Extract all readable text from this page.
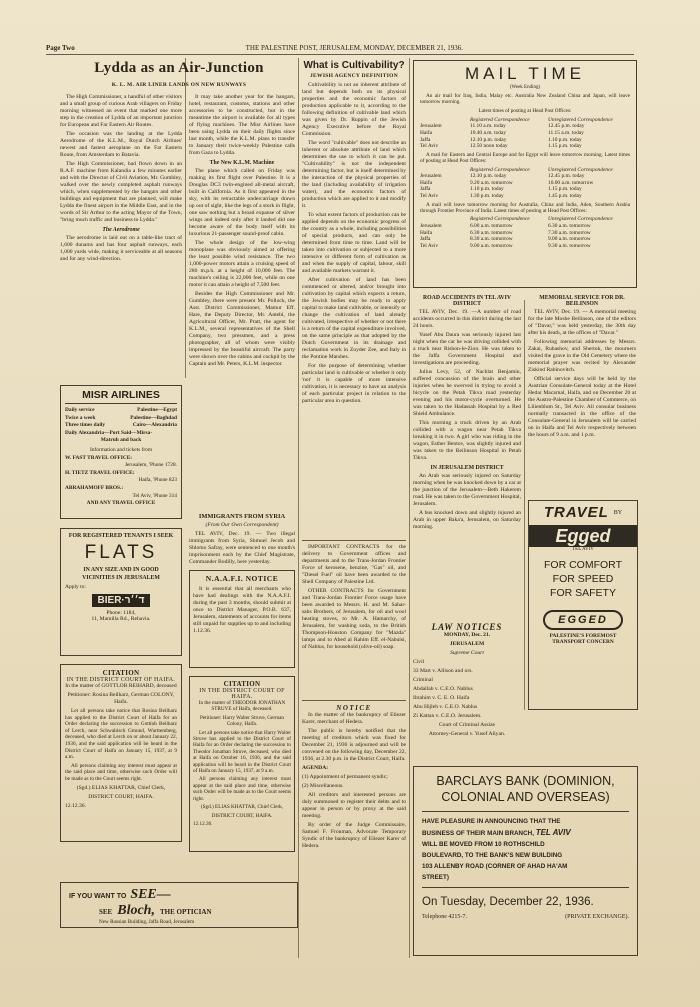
Page Two	THE PALESTINE POST, JERUSALEM, MONDAY, DECEMBER 21, 1936.
Lydda as an Air-Junction
K. L. M. AIR LINER LANDS ON NEW RUNWAYS

The High Commissioner, a handful of other visitors and a small group of curious Arab villagers on Friday morning witnessed an event that marked one more step in the creation of Lydda of an important junction for European and Far Eastern Air Routes.

The occasion was the landing at the Lydda Aerodrome of the K.L.M., Royal Dutch Airlines' newest and fastest aeroplane on the Far Eastern Route, from Amsterdam to Batavia.

The High Commissioner, had flown down in an R.A.F. machine from Kalandia a few minutes earlier and with the Director of Civil Aviation, Mr. Gumbley, walked over the newly completed asphalt runways which, when supplemented by the hangars and other buildings and equipment that are planned, will make Lydda the finest airport in the Middle East, and in the words of Sir Arthur to the acting Mayor of the Town, "bring much traffic and business to Lydda."

The Aerodrome

The aerodrome is laid out on a table-like tract of 1,600 dunams and has four asphalt runways, each 1,000 yards wide, making it serviceable at all seasons and for any wind-direction.

It may take another year for the hangars, hotel, restaurant, customs, stations and other accessories to be constructed, but in the meantime the airport is available for all types of flying machines. The Misr Airlines have been using Lydda on their daily flights since last month, while the K.L.M. plans to transfer to January their twice-weekly Palestine calls from Gaza to Lydda.

The New K.L.M. Machine

The plane which called on Friday was making its first flight over Palestine. It is a Douglas DC3 twin-engined all-metal aircraft, built in California. As it first appeared in the sky, with its retractable undercarriage drawn up out of sight, like the legs of a stork in flight, one saw nothing but a broad expanse of silver wings and indeed only after it landed did one become aware of the body itself with its luxurious 21-passenger sound-proof cabin.

The whole design of the low-wing monoplane was obviously aimed at offering the least possible wind resistance. The two 1,000-power motors attain a cruising speed of 280 m.p.h. at a height of 10,000 feet. The machine's ceiling is 22,000 feet, while on one motor it can attain a height of 7,500 feet.

Besides the High Commissioner and Mr. Gumbley, there were present Mr. Pollock, the Asst. District Commissioner, Mamur Eff. Hare, the Deputy Director, Mr. Antebi, the Agricultural Officer, Mr. Pratt, the agent for K.L.M., several representatives of the Shell Company, two pressmen, and a press photographer, all of whom were visibly impressed by the beautiful aircraft. The party were shown over the cabins and cockpit by the Captain and Mr. Peters, K.L.M. inspector.

MISR AIRLINES
Daily service	Palestine—Egypt
Twice a week	Palestine—Baghdad
Three times daily	Cairo—Alexandria
Daily Alexandria—Port Said—Mirsa-
Matruh and back
Information and tickets from
W. FAST TRAVEL OFFICE:
Jerusalem, 'Phone 1728.
H. TIETZ TRAVEL OFFICE:
Haifa, 'Phone 823
ABRAHAMOFF BROS.:
Tel Aviv, 'Phone 314
AND ANY TRAVEL OFFICE
FOR REGISTERED TENANTS I SEEK
FLATS
IN ANY SIZE AND IN GOOD VICINITIES IN JERUSALEM
Apply to:
BIER·ד׳׳ר
Phone: 1184,
11, Mamilla Rd., Rehavia.
CITATION
IN THE DISTRICT COURT OF HAIFA.
In the matter of GOTTLOB REIHARD, deceased
Petitioner: Rosina Beilharz, German COLONY, Haifa.

Let all persons take notice that Rosina Beilharz has applied to the District Court of Haifa for an Order declaring the succession to Gottlob Beilharz of Lerch, near Schwabisch Gmund, Wurttemberg, deceased, who died at Lerch on or about January 22, 1936, and the said application will be heard in the District Court of Haifa on January 15, 1937, at 9 a.m.

All persons claiming any interest must appear at the said place and time, otherwise such Order will be made as to the Court seems right.

(Sgd.) ELIAS KHATTAR, Chief Clerk,
DISTRICT COURT, HAIFA.
12.12.36.
IF YOU WANT TO SEE—
SEE Bloch, THE OPTICIAN
New Russian Building, Jaffa Road, Jerusalem
IMMIGRANTS FROM SYRIA
(From Our Own Correspondent)

TEL AVIV, Dec. 19. — Two illegal immigrants from Syria, Shmuel Jecob and Shlomo Safray, were sentenced to one month's imprisonment each by the Chief Magistrate, Commander Bodilly, here yesterday.

N.A.A.F.I. NOTICE

It is essential that all merchants who have had dealings with the N.A.A.F.I. during the past 3 months, should submit at once to District Manager, P.O.B. 637, Jerusalem, statements of accounts for items still unpaid for supplies up to and including 1.12.36.

CITATION
IN THE DISTRICT COURT OF HAIFA.
In the matter of THEODOR JONATHAN STRUVE of Haifa, deceased.
Petitioner: Harry Walter Struve, German Colony, Haifa.

Let all persons take notice that Harry Walter Struve has applied to the District Court of Haifa for an Order declaring the succession to Theodor Jonathan Struve, deceased, who died at Haifa on October 16, 1936, and the said application will be heard in the District Court of Haifa on January 15, 1937, at 9 a.m.

All persons claiming any interest must appear at the said place and time, otherwise such Order will be made as to the Court seems right.

(Sgd.) ELIAS KHATTAR, Chief Clerk,
DISTRICT COURT, HAIFA.
12.12.36.
What is Cultivability?
JEWISH AGENCY DEFINITION

Cultivability is not an inherent attribute of land but depends both on its physical properties and the economic factors of production applicable to it, according to the following definition of cultivable land which was given by Dr. Ruppin of the Jewish Agency Executive before the Royal Commission.

The word "cultivable" does not describe an inherent or absolute attribute of land which determines the use to which it can be put. "Cultivability" is not the independent determining factor, but is itself determined by the interaction of the physical properties of the land (including availability of irrigation water), and the economic factors of production which are applied to it and modify it.

To what extent factors of production can be applied depends on the economic progress of the country as a whole, including possibilities of special products, and can only be determined from time to time. Land will be taken into cultivation or subjected to a more intensive or different form of cultivation as and when the supply of capital, labour, skill and available markets warrant it.

After cultivation of land has been commenced or altered, and/or brought into cultivation by capital which expects a return, the Jewish bodies may be ready to apply capital to make land cultivable, or intensify or change the cultivation of land already cultivated, irrespective of whether or not there is a return of the capital expenditure involved, on the same principle as that adopted by the Dutch Government in its drainage and reclamation work in Zuyder Zee, and Italy in the Pontine Marshes.

For the purpose of determining whether particular land is cultivable or whether it only 'not' it is capable of more intensive cultivation, it is necessary to have an analysis of each particular project in relation to the particular area in question.

IMPORTANT CONTRACTS for the delivery to Government offices and departments and to the Trans-Jordan Frontier Force of kerosene, benzine, "Gas" oil, and "Diesel Fuel" oil have been awarded to the Shell Company of Palestine Ltd.

OTHER CONTRACTS for Government and Trans-Jordan Frontier Force usage have been awarded to Messrs. H. and M. Sahar-sahs Brothers, of Jerusalem, for oil and wool heating stoves, to Mr. A. Hamarchy, of Jerusalem, for washing soda, to the British Thompson-Houston Company for "Mazda" lamps and to Abed al Rahim Eff. el-Nabulsi, of Nablus, for household (olive-oil) soap.

NOTICE

In the matter of the bankruptcy of Eliezer Karer, merchant of Hedera.

The public is hereby notified that the meeting of creditors which was fixed for December 21, 1936 is adjourned and will be convened on the following day, December 22, 1936, at 2.30 p.m. in the District Court, Haifa.

AGENDA:
(1) Appointment of permanent syndic;
(2) Miscellaneous.

All creditors and interested persons are duly summoned to register their debts and to appear in person or by proxy at the said meeting.

By order of the Judge Commissaire, Samuel F. Frouman, Advocate Temporary Syndic of the bankruptcy of Eliezer Karer of Hedera.

MAIL TIME
(Week Ending)

An air mail for Iraq, India, Malay etc. Australia New Zealand China and Japan, will leave tomorrow morning.

Latest times of posting at Head Post Offices:
Registered Correspondence	Unregistered Correspondence
Jerusalem	11.10 a.m. today	12.45 p.m. today
Haifa	10.40 a.m. today	11.15 a.m. today
Jaffa	12.10 p.m. today	1.10 p.m. today
Tel Aviv	12.50 noon today	1.15 p.m. today

A mail for Eastern and Central Europe and for Egypt will leave tomorrow morning. Latest times of posting at Head Post Offices:

Registered Correspondence	Unregistered Correspondence
Jerusalem	12.10 p.m. today	12.45 p.m. today
Haifa	9.20 a.m. tomorrow	10.00 a.m. tomorrow
Jaffa	1.10 p.m. today	1.15 p.m. today
Tel Aviv	1.30 p.m. today	1.45 p.m. today

A mail will leave tomorrow morning for Australia, China and India, Aden, Southern Arabia through Frontier Province of India. Latest times of posting at Head Post Offices:

Registered Correspondence	Unregistered Correspondence
Jerusalem	6.00 a.m. tomorrow	6.30 a.m. tomorrow
Haifa	6.30 a.m. tomorrow	7.30 a.m. tomorrow
Jaffa	8.30 a.m. tomorrow	9.00 a.m. tomorrow
Tel Aviv	9.00 a.m. tomorrow	9.30 a.m. tomorrow
ROAD ACCIDENTS IN TEL AVIV DISTRICT

TEL AVIV, Dec. 19. —A number of road accidents occurred in this district during the last 24 hours.

Yusef Abu Daura was seriously injured last night when the car he was driving collided with a truck near Rishon-le-Zion. He was taken to the Jaffa Government Hospital and investigations are proceeding.

Julius Levy, 52, of Nachlat Benjamin, suffered concussion of the brain and other injuries when he swerved in trying to avoid a bicycle on the Petah Tikva road yesterday evening and his motor-cycle overturned. He was taken to the Hadassah Hospital by a Red Shield Ambulance.

This morning a truck driven by an Arab collided with a wagon near Petah Tikva breaking it in two. A girl who was riding in the wagon, Esther Bentov, was slightly injured and was taken to the Beilinson Hospital in Petah Tikva.

IN JERUSALEM DISTRICT

An Arab was seriously injured on Saturday morning when he was knocked down by a car at the junction of the Jerusalem—Beth Hakerem road. He was taken to the Government Hospital, Jerusalem.

A bus knocked down and slightly injured an Arab in upper Baka'a, Jerusalem, on Saturday morning.

MEMORIAL SERVICE FOR DR. BEILINSON

TEL AVIV, Dec. 19. — A memorial meeting for the late Moshe Beilinson, one of the editors of "Davar," was held yesterday, the 30th day after his death, at the offices of "Davar."

Following memorial addresses by Messrs. Zakai, Rubashov, and Shertok, the mourners visited the grave in the Old Cemetery where the memorial prayer was recited by Alexander Ziskind Rabinovitch.

Official service days will be held by the Austrian Consulate-General today at the Hotel Hedar Macarnal, Haifa, and on December 20 at the Austro-Palestine Chamber of Commerce, on Lilienblum St., Tel Aviv. All consular business normally transacted in the office of the Consulate-General in Jerusalem will be carried on in Haifa and Tel Aviv respectively between the hours of 9 a.m. and 1 p.m.

TRAVEL BY
Egged
TEL AVIV
FOR COMFORT
FOR SPEED
FOR SAFETY
EGGED
PALESTINE'S FOREMOST
TRANSPORT CONCERN
LAW NOTICES
MONDAY, Dec. 21.
JERUSALEM
Supreme Court
Civil
33 Mart v. Allison and ors.
Criminal
Abdallah v. C.E.O. Nablus
Ibrahim v. C. E. O. Haifa
Abu Hijleh v. C.E.O. Nablus
Zi Kattan v. C.E.O. Jerusalem.
Court of Criminal Assize
Attorney-General v. Yusef Aliyan.
BARCLAYS BANK (DOMINION,
COLONIAL AND OVERSEAS)
HAVE PLEASURE IN ANNOUNCING THAT THE
BUSINESS OF THEIR MAIN BRANCH, TEL AVIV
WILL BE MOVED FROM 10 ROTHSCHILD
BOULEVARD, TO THE BANK'S NEW BUILDING
103 ALLENBY ROAD (CORNER OF AHAD HA'AM
STREET)
On Tuesday, December 22, 1936.
Telephone 4215-7.	(PRIVATE EXCHANGE).
